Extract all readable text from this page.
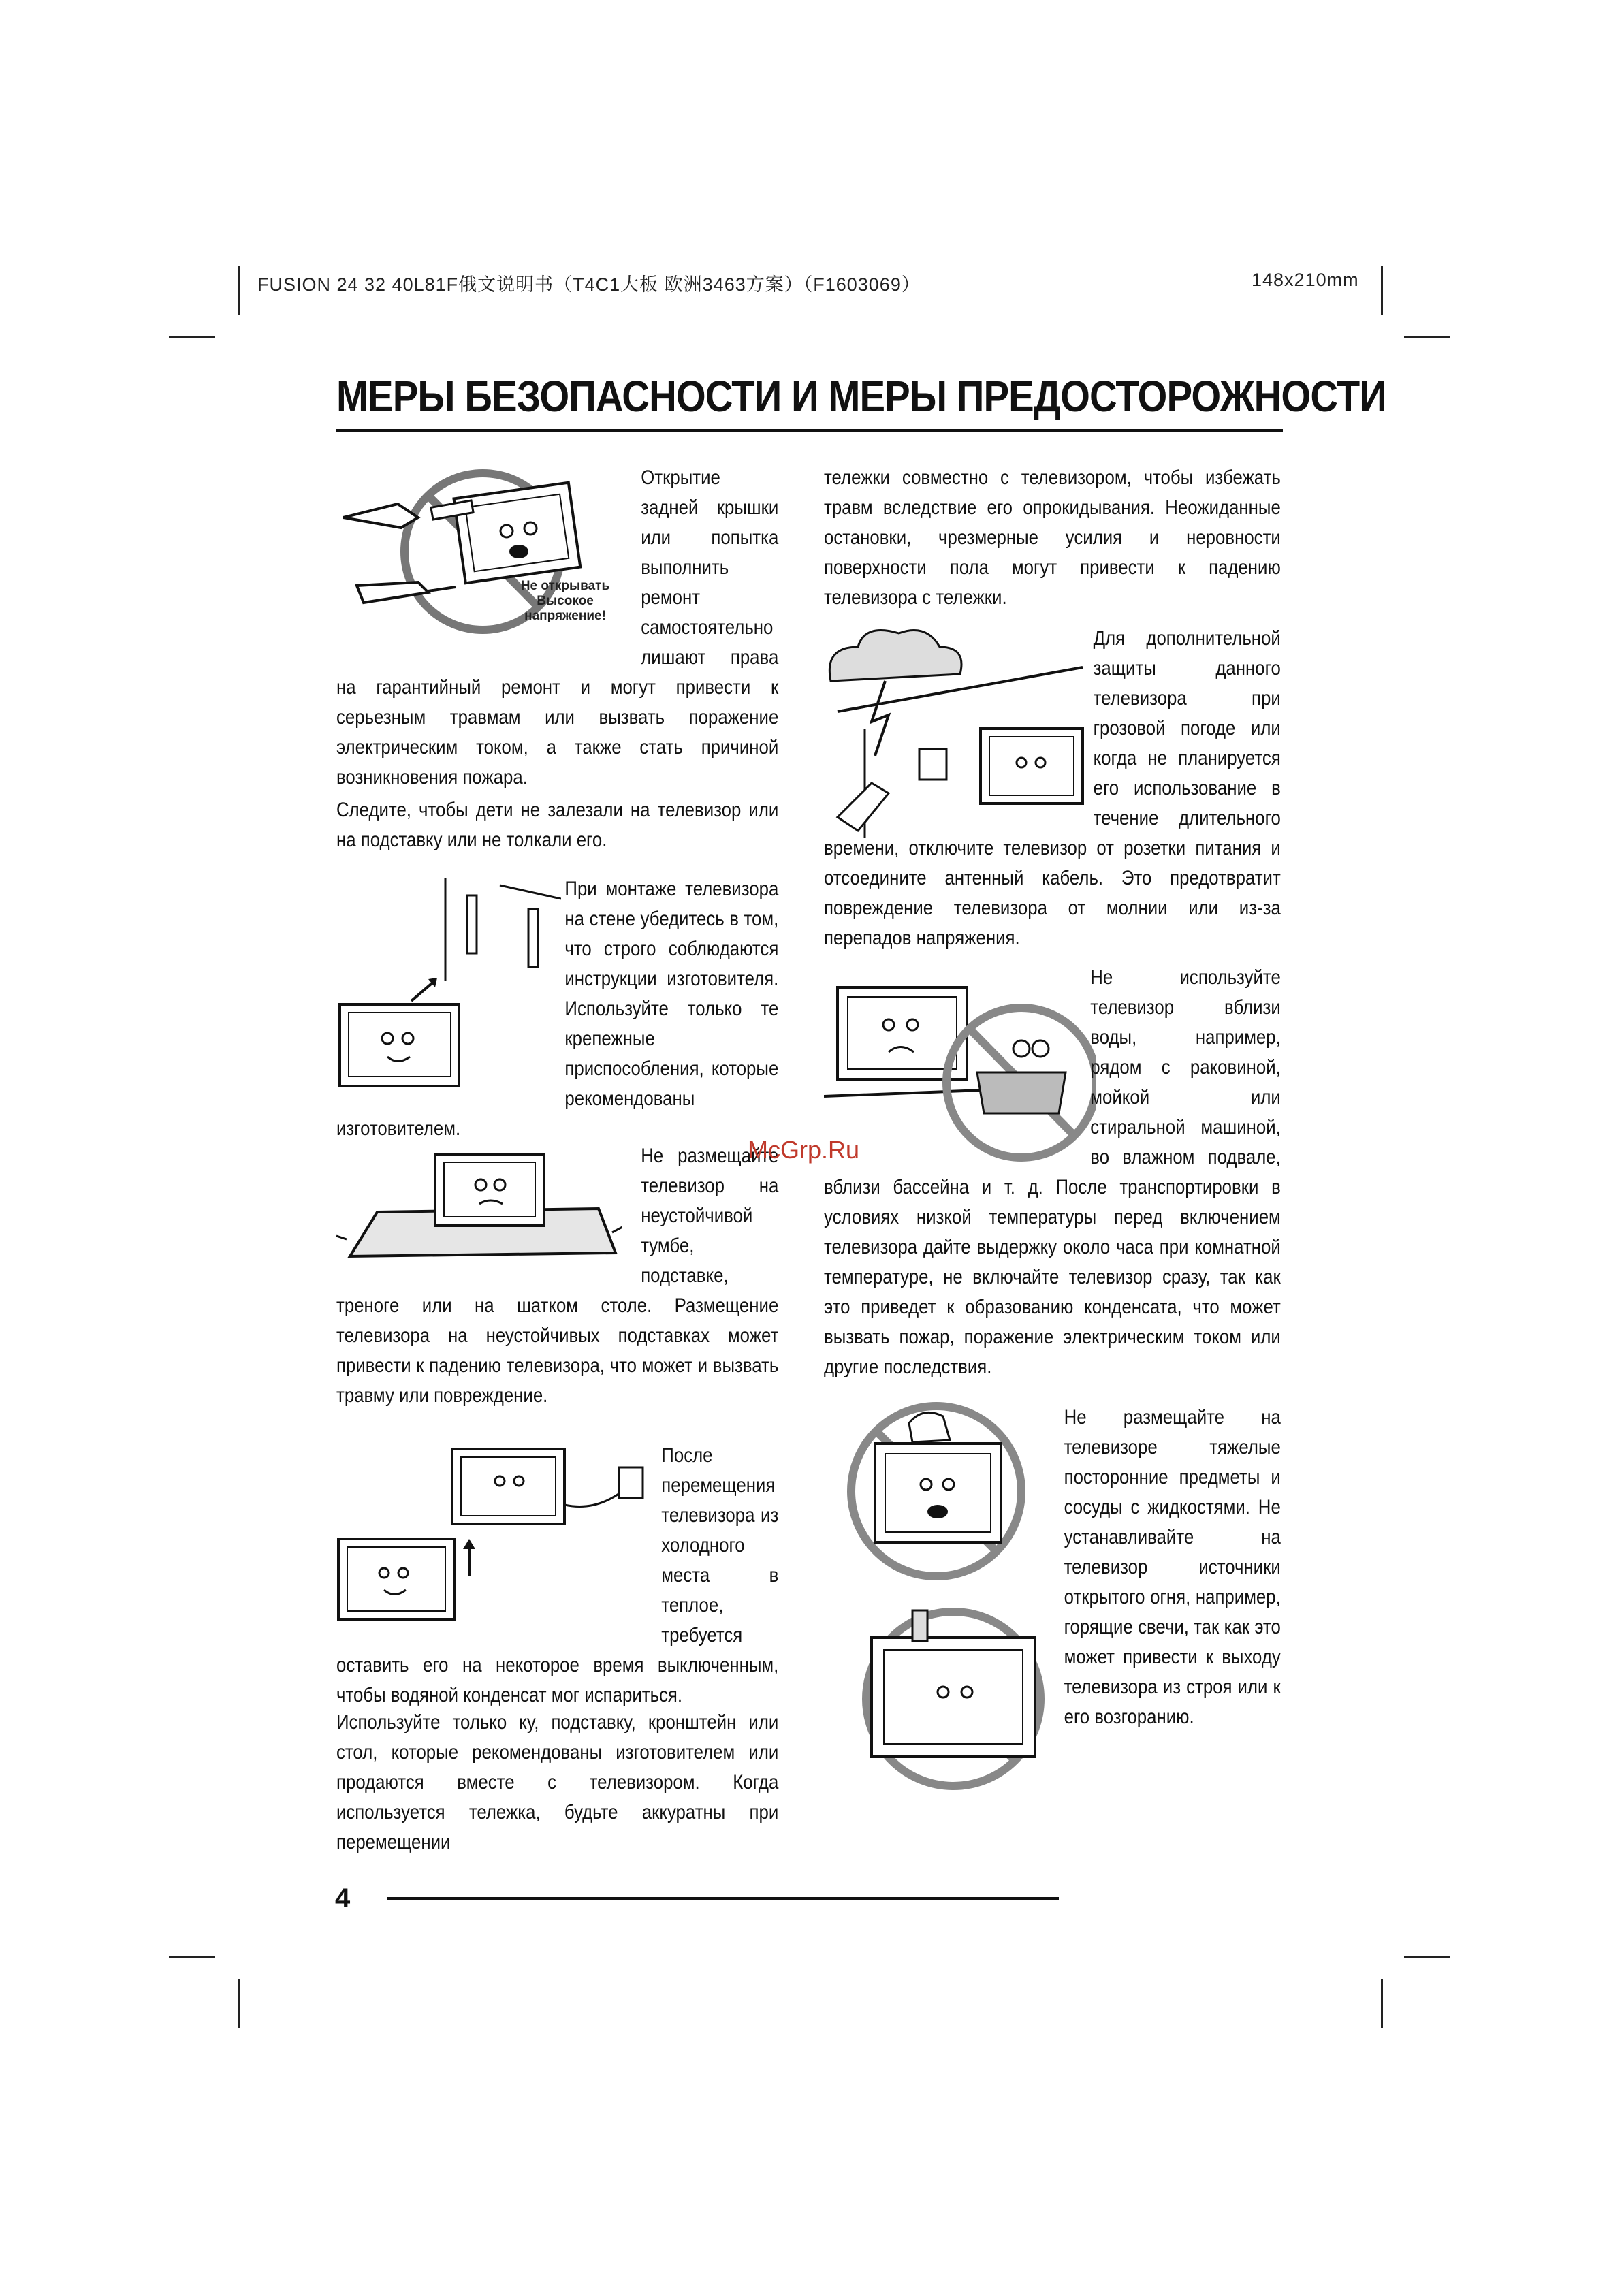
FUSION 24 32 40L81F俄文说明书（T4C1大板 欧洲3463方案）（F1603069）	148x210mm
МЕРЫ БЕЗОПАСНОСТИ И МЕРЫ ПРЕДОСТОРОЖНОСТИ
Не открывать Высокое напряжение!
Открытие задней крышки или попытка выполнить ремонт самостоятельно лишают права на гарантийный ремонт и могут привести к серьезным травмам или вызвать поражение электрическим током, а также стать причиной возникновения пожара.
Следите, чтобы дети не залезали на телевизор или на подставку или не толкали его.
При монтаже телевизора на стене убедитесь в том, что строго соблюдаются инструкции изготовителя. Используйте только те крепежные приспособления, которые рекомендованы изготовителем.
Не размещайте телевизор на неустойчивой тумбе, подставке, треноге или на шатком столе. Размещение телевизора на неустойчивых подставках может привести к падению телевизора, что может и вызвать травму или повреждение.
После перемещения телевизора из холодного места в теплое, требуется оставить его на некоторое время выключенным, чтобы водяной конденсат мог испариться.
Используйте только ку, подставку, кронштейн или стол, которые рекомендованы изготовителем или продаются вместе с телевизором. Когда используется тележка, будьте аккуратны при перемещении
тележки совместно с телевизором, чтобы избежать травм вследствие его опрокидывания. Неожиданные остановки, чрезмерные усилия и неровности поверхности пола могут привести к падению телевизора с тележки.
Для дополнительной защиты данного телевизора при грозовой погоде или когда не планируется его использование в течение длительного времени, отключите телевизор от розетки питания и отсоедините антенный кабель. Это предотвратит повреждение телевизора от молнии или из-за перепадов напряжения.
Не используйте телевизор вблизи воды, например, рядом с раковиной, мойкой или стиральной машиной, во влажном подвале, вблизи бассейна и т. д. После транспортировки в условиях низкой температуры перед включением телевизора дайте выдержку около часа при комнатной температуре, не включайте телевизор сразу, так как это приведет к образованию конденсата, что может вызвать пожар, поражение электрическим током или другие последствия.
Не размещайте на телевизоре тяжелые посторонние предметы и сосуды с жидкостями. Не устанавливайте на телевизор источники открытого огня, например, горящие свечи, так как это может привести к выходу телевизора из строя или к его возгоранию.
McGrp.Ru
4
